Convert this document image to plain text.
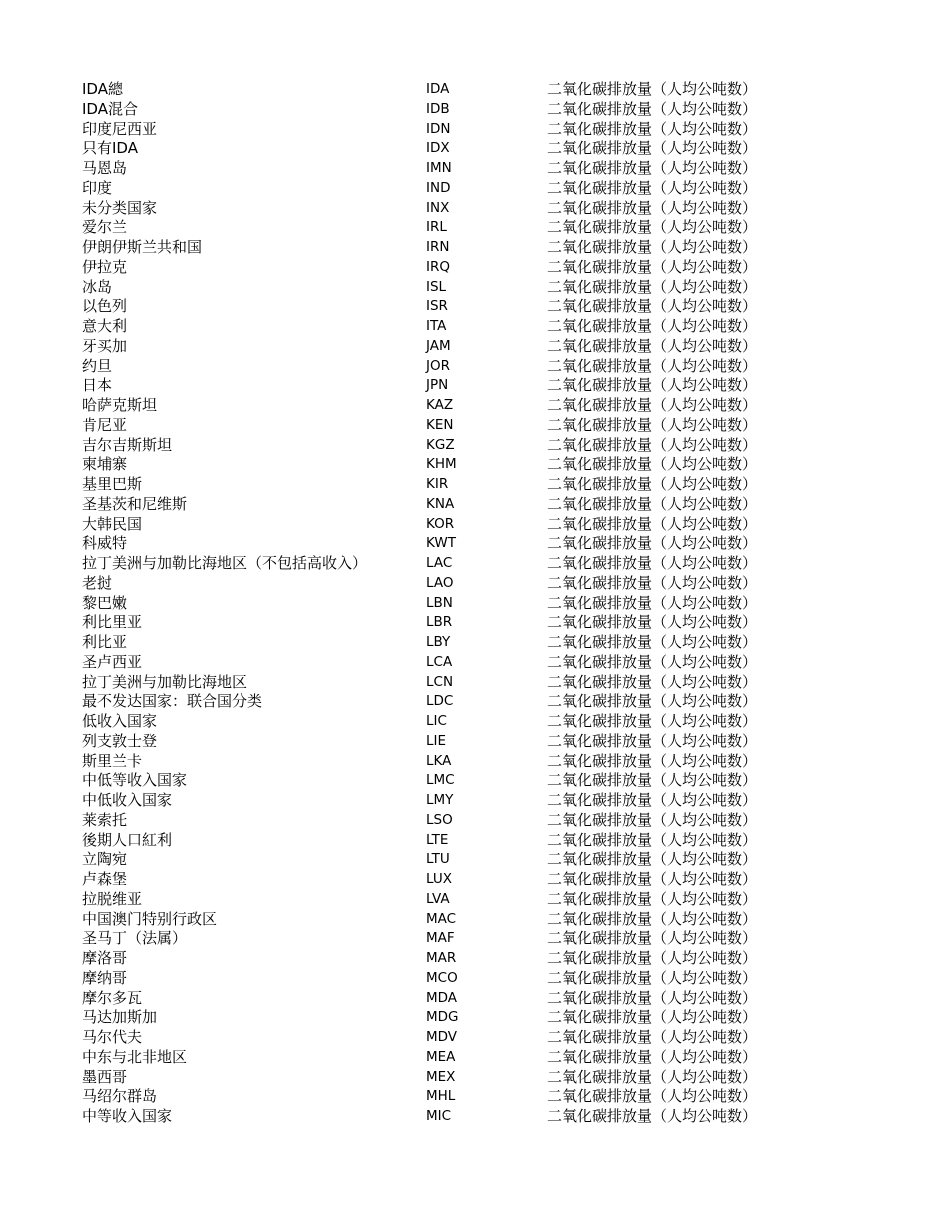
IDA總	IDA	二氧化碳排放量（人均公吨数）
IDA混合	IDB	二氧化碳排放量（人均公吨数）
印度尼西亚	IDN	二氧化碳排放量（人均公吨数）
只有IDA	IDX	二氧化碳排放量（人均公吨数）
马恩岛	IMN	二氧化碳排放量（人均公吨数）
印度	IND	二氧化碳排放量（人均公吨数）
未分类国家	INX	二氧化碳排放量（人均公吨数）
爱尔兰	IRL	二氧化碳排放量（人均公吨数）
伊朗伊斯兰共和国	IRN	二氧化碳排放量（人均公吨数）
伊拉克	IRQ	二氧化碳排放量（人均公吨数）
冰岛	ISL	二氧化碳排放量（人均公吨数）
以色列	ISR	二氧化碳排放量（人均公吨数）
意大利	ITA	二氧化碳排放量（人均公吨数）
牙买加	JAM	二氧化碳排放量（人均公吨数）
约旦	JOR	二氧化碳排放量（人均公吨数）
日本	JPN	二氧化碳排放量（人均公吨数）
哈萨克斯坦	KAZ	二氧化碳排放量（人均公吨数）
肯尼亚	KEN	二氧化碳排放量（人均公吨数）
吉尔吉斯斯坦	KGZ	二氧化碳排放量（人均公吨数）
柬埔寨	KHM	二氧化碳排放量（人均公吨数）
基里巴斯	KIR	二氧化碳排放量（人均公吨数）
圣基茨和尼维斯	KNA	二氧化碳排放量（人均公吨数）
大韩民国	KOR	二氧化碳排放量（人均公吨数）
科威特	KWT	二氧化碳排放量（人均公吨数）
拉丁美洲与加勒比海地区（不包括高收入）	LAC	二氧化碳排放量（人均公吨数）
老挝	LAO	二氧化碳排放量（人均公吨数）
黎巴嫩	LBN	二氧化碳排放量（人均公吨数）
利比里亚	LBR	二氧化碳排放量（人均公吨数）
利比亚	LBY	二氧化碳排放量（人均公吨数）
圣卢西亚	LCA	二氧化碳排放量（人均公吨数）
拉丁美洲与加勒比海地区	LCN	二氧化碳排放量（人均公吨数）
最不发达国家：联合国分类	LDC	二氧化碳排放量（人均公吨数）
低收入国家	LIC	二氧化碳排放量（人均公吨数）
列支敦士登	LIE	二氧化碳排放量（人均公吨数）
斯里兰卡	LKA	二氧化碳排放量（人均公吨数）
中低等收入国家	LMC	二氧化碳排放量（人均公吨数）
中低收入国家	LMY	二氧化碳排放量（人均公吨数）
莱索托	LSO	二氧化碳排放量（人均公吨数）
後期人口紅利	LTE	二氧化碳排放量（人均公吨数）
立陶宛	LTU	二氧化碳排放量（人均公吨数）
卢森堡	LUX	二氧化碳排放量（人均公吨数）
拉脱维亚	LVA	二氧化碳排放量（人均公吨数）
中国澳门特别行政区	MAC	二氧化碳排放量（人均公吨数）
圣马丁（法属）	MAF	二氧化碳排放量（人均公吨数）
摩洛哥	MAR	二氧化碳排放量（人均公吨数）
摩纳哥	MCO	二氧化碳排放量（人均公吨数）
摩尔多瓦	MDA	二氧化碳排放量（人均公吨数）
马达加斯加	MDG	二氧化碳排放量（人均公吨数）
马尔代夫	MDV	二氧化碳排放量（人均公吨数）
中东与北非地区	MEA	二氧化碳排放量（人均公吨数）
墨西哥	MEX	二氧化碳排放量（人均公吨数）
马绍尔群岛	MHL	二氧化碳排放量（人均公吨数）
中等收入国家	MIC	二氧化碳排放量（人均公吨数）
